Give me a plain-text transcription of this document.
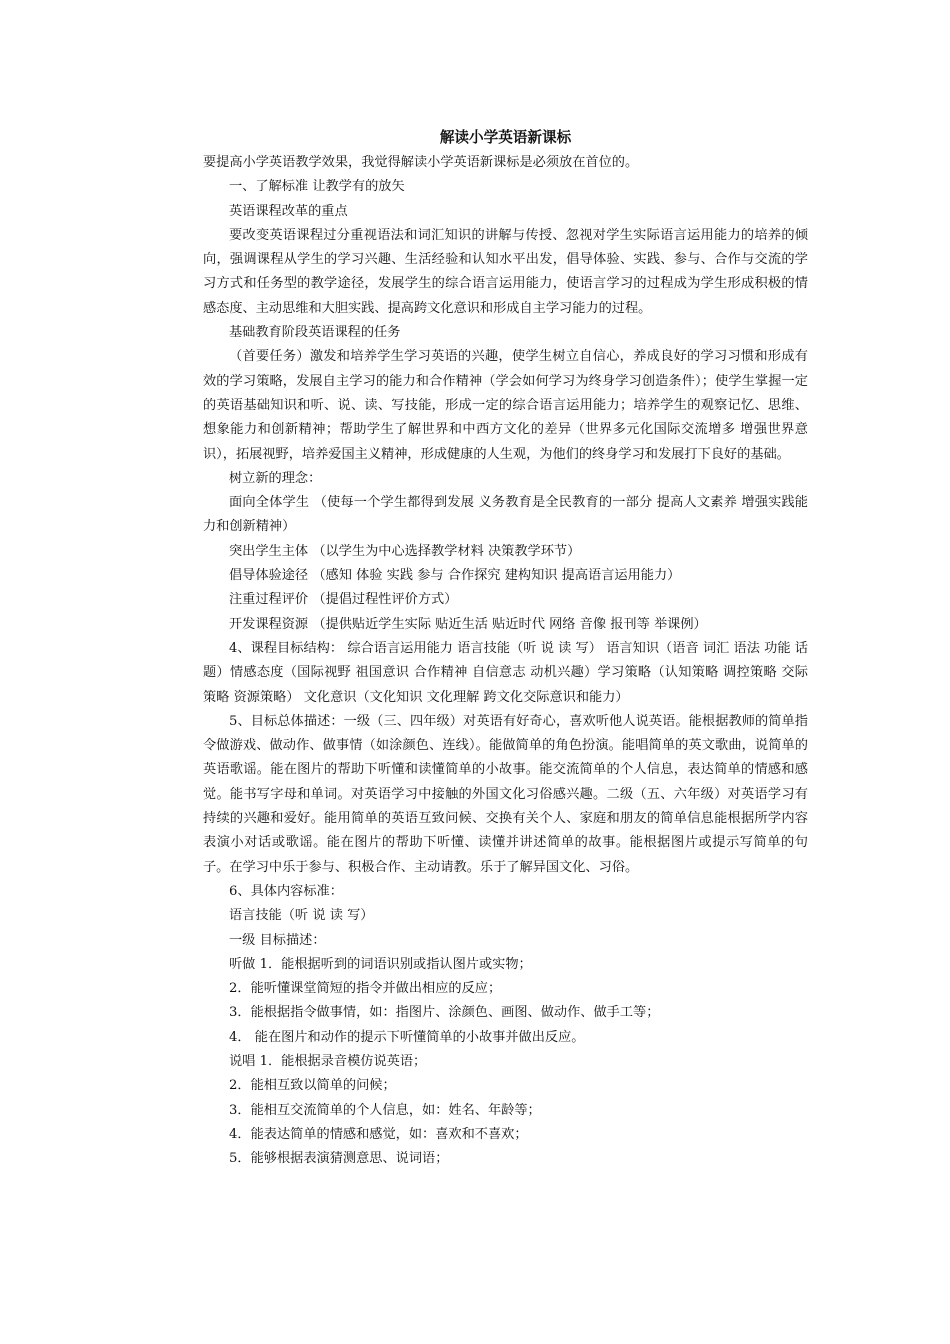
解读小学英语新课标

要提高小学英语教学效果，我觉得解读小学英语新课标是必须放在首位的。

一、了解标准 让教学有的放矢

英语课程改革的重点

要改变英语课程过分重视语法和词汇知识的讲解与传授、忽视对学生实际语言运用能力的培养的倾向，强调课程从学生的学习兴趣、生活经验和认知水平出发，倡导体验、实践、参与、合作与交流的学习方式和任务型的教学途径，发展学生的综合语言运用能力，使语言学习的过程成为学生形成积极的情感态度、主动思维和大胆实践、提高跨文化意识和形成自主学习能力的过程。

基础教育阶段英语课程的任务

（首要任务）激发和培养学生学习英语的兴趣，使学生树立自信心，养成良好的学习习惯和形成有效的学习策略，发展自主学习的能力和合作精神（学会如何学习为终身学习创造条件）；使学生掌握一定的英语基础知识和听、说、读、写技能，形成一定的综合语言运用能力；培养学生的观察记忆、思维、想象能力和创新精神；帮助学生了解世界和中西方文化的差异（世界多元化国际交流增多 增强世界意识），拓展视野，培养爱国主义精神，形成健康的人生观，为他们的终身学习和发展打下良好的基础。

树立新的理念：

面向全体学生 （使每一个学生都得到发展 义务教育是全民教育的一部分 提高人文素养 增强实践能力和创新精神）

突出学生主体 （以学生为中心选择教学材料 决策教学环节）

倡导体验途径 （感知 体验 实践 参与 合作探究 建构知识 提高语言运用能力）

注重过程评价 （提倡过程性评价方式）

开发课程资源 （提供贴近学生实际 贴近生活 贴近时代 网络 音像 报刊等 举课例）

4、课程目标结构： 综合语言运用能力 语言技能（听 说 读 写） 语言知识（语音 词汇 语法 功能 话题）情感态度（国际视野 祖国意识 合作精神 自信意志 动机兴趣）学习策略（认知策略 调控策略 交际策略 资源策略） 文化意识（文化知识 文化理解 跨文化交际意识和能力）

5、目标总体描述：一级（三、四年级）对英语有好奇心，喜欢听他人说英语。能根据教师的简单指令做游戏、做动作、做事情（如涂颜色、连线）。能做简单的角色扮演。能唱简单的英文歌曲，说简单的英语歌谣。能在图片的帮助下听懂和读懂简单的小故事。能交流简单的个人信息，表达简单的情感和感觉。能书写字母和单词。对英语学习中接触的外国文化习俗感兴趣。二级（五、六年级）对英语学习有持续的兴趣和爱好。能用简单的英语互致问候、交换有关个人、家庭和朋友的简单信息能根据所学内容表演小对话或歌谣。能在图片的帮助下听懂、读懂并讲述简单的故事。能根据图片或提示写简单的句子。在学习中乐于参与、积极合作、主动请教。乐于了解异国文化、习俗。

6、具体内容标准：

语言技能（听 说 读 写）

一级 目标描述：

听做 1．能根据听到的词语识别或指认图片或实物；

2．能听懂课堂简短的指令并做出相应的反应；

3．能根据指令做事情，如：指图片、涂颜色、画图、做动作、做手工等；

4． 能在图片和动作的提示下听懂简单的小故事并做出反应。

说唱 1．能根据录音模仿说英语；

2．能相互致以简单的问候；

3．能相互交流简单的个人信息，如：姓名、年龄等；

4．能表达简单的情感和感觉，如：喜欢和不喜欢；

5．能够根据表演猜测意思、说词语；
